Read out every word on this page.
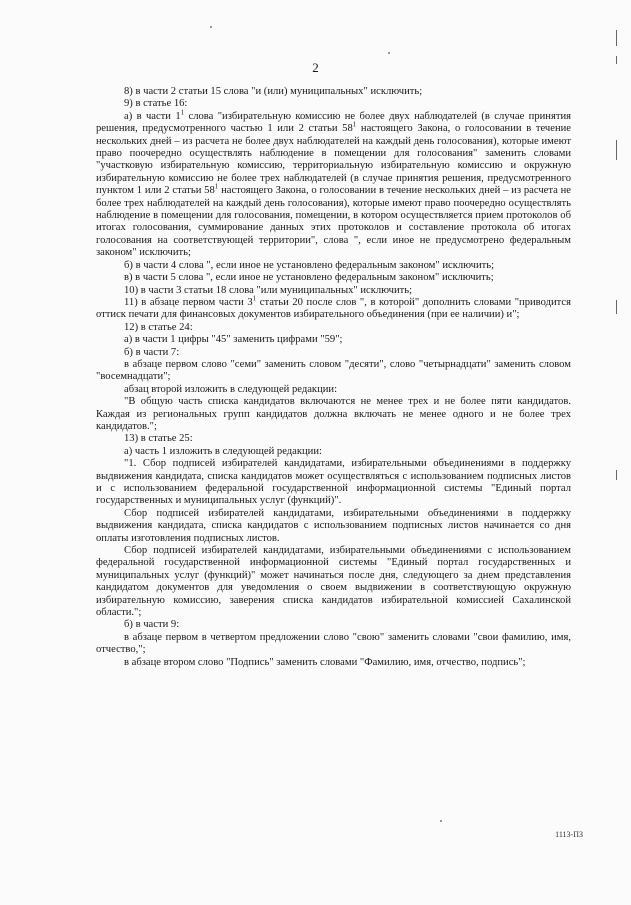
2

8) в части 2 статьи 15 слова "и (или) муниципальных" исключить;

9) в статье 16:

а) в части $1^1$ слова "избирательную комиссию не более двух наблюдателей (в случае принятия решения, предусмотренного частью 1 или 2 статьи $58^1$ настоящего Закона, о голосовании в течение нескольких дней – из расчета не более двух наблюдателей на каждый день голосования), которые имеют право поочередно осуществлять наблюдение в помещении для голосования" заменить словами "участковую избирательную комиссию, территориальную избирательную комиссию и окружную избирательную комиссию не более трех наблюдателей (в случае принятия решения, предусмотренного пунктом 1 или 2 статьи $58^1$ настоящего Закона, о голосовании в течение нескольких дней – из расчета не более трех наблюдателей на каждый день голосования), которые имеют право поочередно осуществлять наблюдение в помещении для голосования, помещении, в котором осуществляется прием протоколов об итогах голосования, суммирование данных этих протоколов и составление протокола об итогах голосования на соответствующей территории", слова ", если иное не предусмотрено федеральным законом" исключить;

б) в части 4 слова ", если иное не установлено федеральным законом" исключить;

в) в части 5 слова ", если иное не установлено федеральным законом" исключить;

10) в части 3 статьи 18 слова "или муниципальных" исключить;

11) в абзаце первом части $3^1$ статьи 20 после слов ", в которой" дополнить словами "приводится оттиск печати для финансовых документов избирательного объединения (при ее наличии) и";

12) в статье 24:

а) в части 1 цифры "45" заменить цифрами "59";

б) в части 7:

в абзаце первом слово "семи" заменить словом "десяти", слово "четырнадцати" заменить словом "восемнадцати";

абзац второй изложить в следующей редакции:

"В общую часть списка кандидатов включаются не менее трех и не более пяти кандидатов. Каждая из региональных групп кандидатов должна включать не менее одного и не более трех кандидатов.";

13) в статье 25:

а) часть 1 изложить в следующей редакции:

"1. Сбор подписей избирателей кандидатами, избирательными объединениями в поддержку выдвижения кандидата, списка кандидатов может осуществляться с использованием подписных листов и с использованием федеральной государственной информационной системы "Единый портал государственных и муниципальных услуг (функций)".

Сбор подписей избирателей кандидатами, избирательными объединениями в поддержку выдвижения кандидата, списка кандидатов с использованием подписных листов начинается со дня оплаты изготовления подписных листов.

Сбор подписей избирателей кандидатами, избирательными объединениями с использованием федеральной государственной информационной системы "Единый портал государственных и муниципальных услуг (функций)" может начинаться после дня, следующего за днем представления кандидатом документов для уведомления о своем выдвижении в соответствующую окружную избирательную комиссию, заверения списка кандидатов избирательной комиссией Сахалинской области.";

б) в части 9:

в абзаце первом в четвертом предложении слово "свою" заменить словами "свои фамилию, имя, отчество,";

в абзаце втором слово "Подпись" заменить словами "Фамилию, имя, отчество, подпись";

1113-ПЗ
